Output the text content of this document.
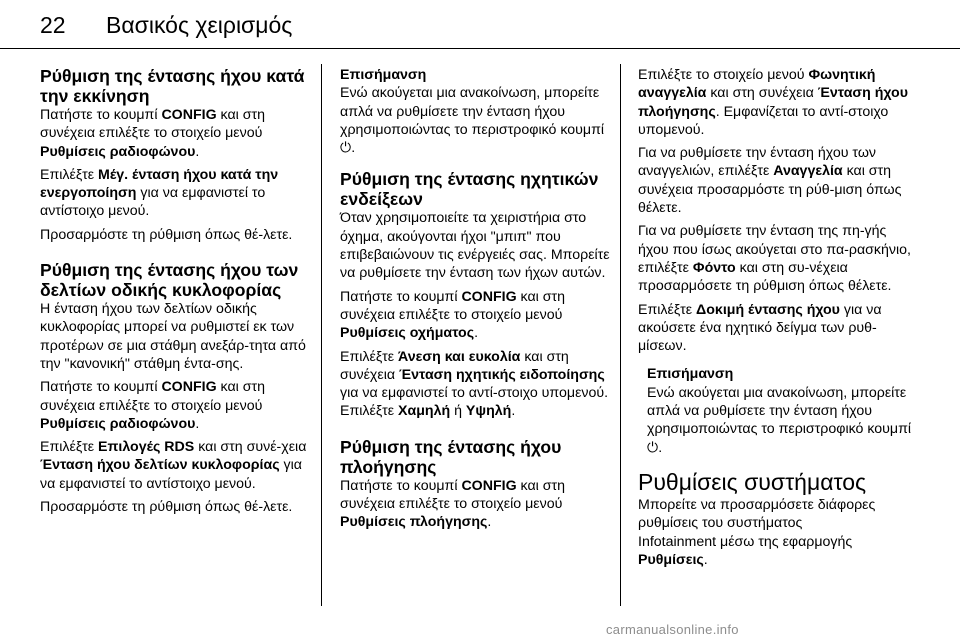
22 Βασικός χειρισμός
Ρύθμιση της έντασης ήχου κατά την εκκίνηση

Πατήστε το κουμπί CONFIG και στη συνέχεια επιλέξτε το στοιχείο μενού Ρυθμίσεις ραδιοφώνου.

Επιλέξτε Μέγ. ένταση ήχου κατά την ενεργοποίηση για να εμφανιστεί το αντίστοιχο μενού.

Προσαρμόστε τη ρύθμιση όπως θέ-λετε.

Ρύθμιση της έντασης ήχου των δελτίων οδικής κυκλοφορίας

Η ένταση ήχου των δελτίων οδικής κυκλοφορίας μπορεί να ρυθμιστεί εκ των προτέρων σε μια στάθμη ανεξάρ-τητα από την "κανονική" στάθμη έντα-σης.

Πατήστε το κουμπί CONFIG και στη συνέχεια επιλέξτε το στοιχείο μενού Ρυθμίσεις ραδιοφώνου.

Επιλέξτε Επιλογές RDS και στη συνέ-χεια Ένταση ήχου δελτίων κυκλοφορίας για να εμφανιστεί το αντίστοιχο μενού.

Προσαρμόστε τη ρύθμιση όπως θέ-λετε.

Επισήμανση
Ενώ ακούγεται μια ανακοίνωση, μπορείτε απλά να ρυθμίσετε την ένταση ήχου χρησιμοποιώντας το περιστροφικό κουμπί ⏻.
Ρύθμιση της έντασης ηχητικών ενδείξεων

Όταν χρησιμοποιείτε τα χειριστήρια στο όχημα, ακούγονται ήχοι "μπιπ" που επιβεβαιώνουν τις ενέργειές σας. Μπορείτε να ρυθμίσετε την ένταση των ήχων αυτών.

Πατήστε το κουμπί CONFIG και στη συνέχεια επιλέξτε το στοιχείο μενού Ρυθμίσεις οχήματος.

Επιλέξτε Άνεση και ευκολία και στη συνέχεια Ένταση ηχητικής ειδοποίησης για να εμφανιστεί το αντί-στοιχο υπομενού. Επιλέξτε Χαμηλή ή Υψηλή.

Ρύθμιση της έντασης ήχου πλοήγησης

Πατήστε το κουμπί CONFIG και στη συνέχεια επιλέξτε το στοιχείο μενού Ρυθμίσεις πλοήγησης.

Επιλέξτε το στοιχείο μενού Φωνητική αναγγελία και στη συνέχεια Ένταση ήχου πλοήγησης. Εμφανίζεται το αντί-στοιχο υπομενού.

Για να ρυθμίσετε την ένταση ήχου των αναγγελιών, επιλέξτε Αναγγελία και στη συνέχεια προσαρμόστε τη ρύθ-μιση όπως θέλετε.

Για να ρυθμίσετε την ένταση της πη-γής ήχου που ίσως ακούγεται στο πα-ρασκήνιο, επιλέξτε Φόντο και στη συ-νέχεια προσαρμόσετε τη ρύθμιση όπως θέλετε.

Επιλέξτε Δοκιμή έντασης ήχου για να ακούσετε ένα ηχητικό δείγμα των ρυθ-μίσεων.

Επισήμανση
Ενώ ακούγεται μια ανακοίνωση, μπορείτε απλά να ρυθμίσετε την ένταση ήχου χρησιμοποιώντας το περιστροφικό κουμπί ⏻.
Ρυθμίσεις συστήματος
Μπορείτε να προσαρμόσετε διάφορες ρυθμίσεις του συστήματος
Infotainment μέσω της εφαρμογής
Ρυθμίσεις.
carmanualsonline.info
